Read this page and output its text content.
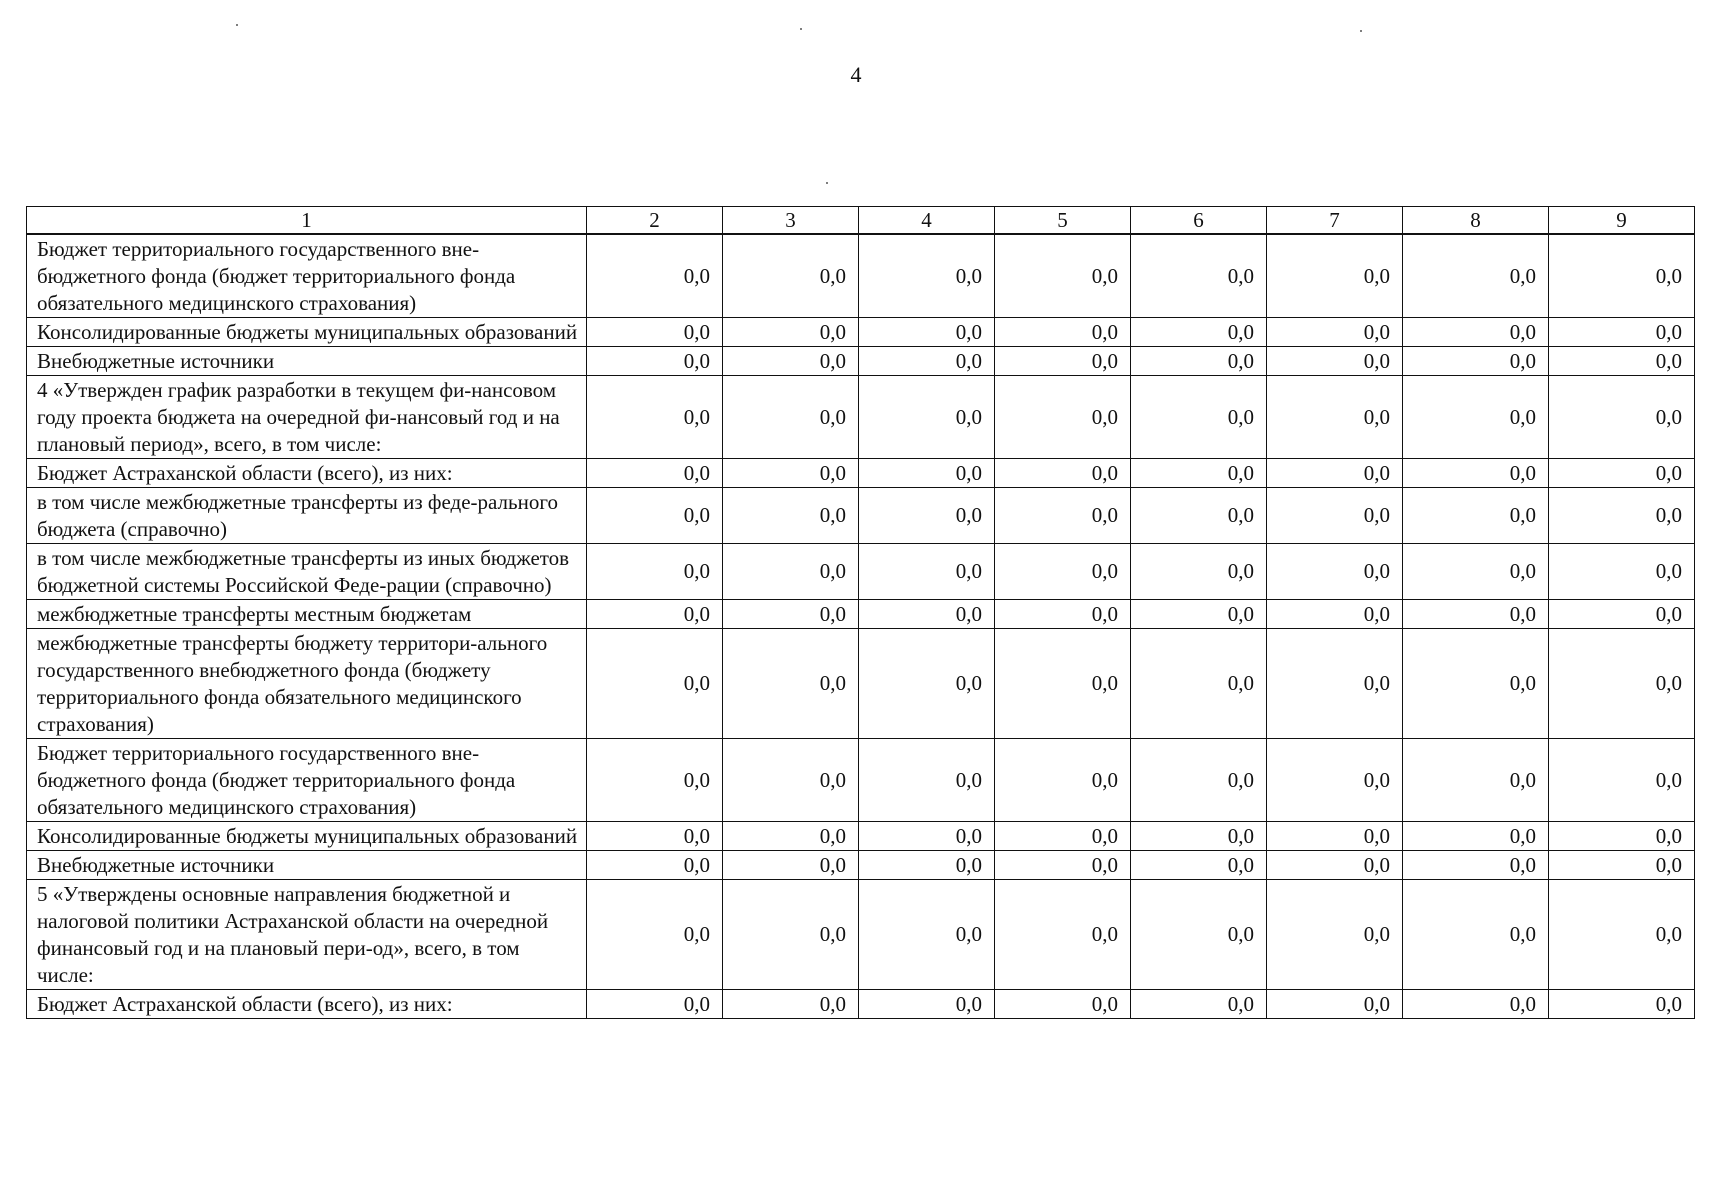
4
1	2	3	4	5	6	7	8	9
Бюджет территориального государственного вне-бюджетного фонда (бюджет территориального фонда обязательного медицинского страхования)	0,0	0,0	0,0	0,0	0,0	0,0	0,0	0,0
Консолидированные бюджеты муниципальных образований	0,0	0,0	0,0	0,0	0,0	0,0	0,0	0,0
Внебюджетные источники	0,0	0,0	0,0	0,0	0,0	0,0	0,0	0,0
4 «Утвержден график разработки в текущем фи-нансовом году проекта бюджета на очередной фи-нансовый год и на плановый период», всего, в том числе:	0,0	0,0	0,0	0,0	0,0	0,0	0,0	0,0
Бюджет Астраханской области (всего), из них:	0,0	0,0	0,0	0,0	0,0	0,0	0,0	0,0
в том числе межбюджетные трансферты из феде-рального бюджета (справочно)	0,0	0,0	0,0	0,0	0,0	0,0	0,0	0,0
в том числе межбюджетные трансферты из иных бюджетов бюджетной системы Российской Феде-рации (справочно)	0,0	0,0	0,0	0,0	0,0	0,0	0,0	0,0
межбюджетные трансферты местным бюджетам	0,0	0,0	0,0	0,0	0,0	0,0	0,0	0,0
межбюджетные трансферты бюджету территори-ального государственного внебюджетного фонда (бюджету территориального фонда обязательного медицинского страхования)	0,0	0,0	0,0	0,0	0,0	0,0	0,0	0,0
Бюджет территориального государственного вне-бюджетного фонда (бюджет территориального фонда обязательного медицинского страхования)	0,0	0,0	0,0	0,0	0,0	0,0	0,0	0,0
Консолидированные бюджеты муниципальных образований	0,0	0,0	0,0	0,0	0,0	0,0	0,0	0,0
Внебюджетные источники	0,0	0,0	0,0	0,0	0,0	0,0	0,0	0,0
5 «Утверждены основные направления бюджетной и налоговой политики Астраханской области на очередной финансовый год и на плановый пери-од», всего, в том числе:	0,0	0,0	0,0	0,0	0,0	0,0	0,0	0,0
Бюджет Астраханской области (всего), из них:	0,0	0,0	0,0	0,0	0,0	0,0	0,0	0,0
